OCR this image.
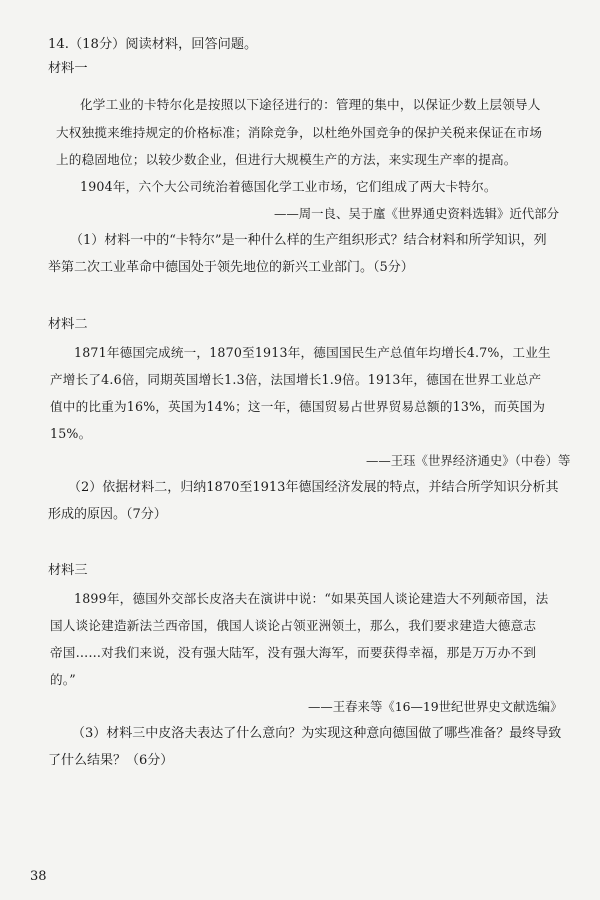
14.（18分）阅读材料，回答问题。
材料一
化学工业的卡特尔化是按照以下途径进行的：管理的集中，以保证少数上层领导人
大权独揽来维持规定的价格标准；消除竞争，以杜绝外国竞争的保护关税来保证在市场
上的稳固地位；以较少数企业，但进行大规模生产的方法，来实现生产率的提高。
1904年，六个大公司统治着德国化学工业市场，它们组成了两大卡特尔。
——周一良、吴于廑《世界通史资料选辑》近代部分
（1）材料一中的“卡特尔”是一种什么样的生产组织形式？结合材料和所学知识，列
举第二次工业革命中德国处于领先地位的新兴工业部门。（5分）
材料二
1871年德国完成统一，1870至1913年，德国国民生产总值年均增长4.7%，工业生
产增长了4.6倍，同期英国增长1.3倍，法国增长1.9倍。1913年，德国在世界工业总产
值中的比重为16%，英国为14%；这一年，德国贸易占世界贸易总额的13%，而英国为
15%。
——王珏《世界经济通史》（中卷）等
（2）依据材料二，归纳1870至1913年德国经济发展的特点，并结合所学知识分析其
形成的原因。（7分）
材料三
1899年，德国外交部长皮洛夫在演讲中说：“如果英国人谈论建造大不列颠帝国，法
国人谈论建造新法兰西帝国，俄国人谈论占领亚洲领土，那么，我们要求建造大德意志
帝国……对我们来说，没有强大陆军，没有强大海军，而要获得幸福，那是万万办不到
的。”
——王春来等《16—19世纪世界史文献选编》
（3）材料三中皮洛夫表达了什么意向？为实现这种意向德国做了哪些准备？最终导致
了什么结果？（6分）
38
